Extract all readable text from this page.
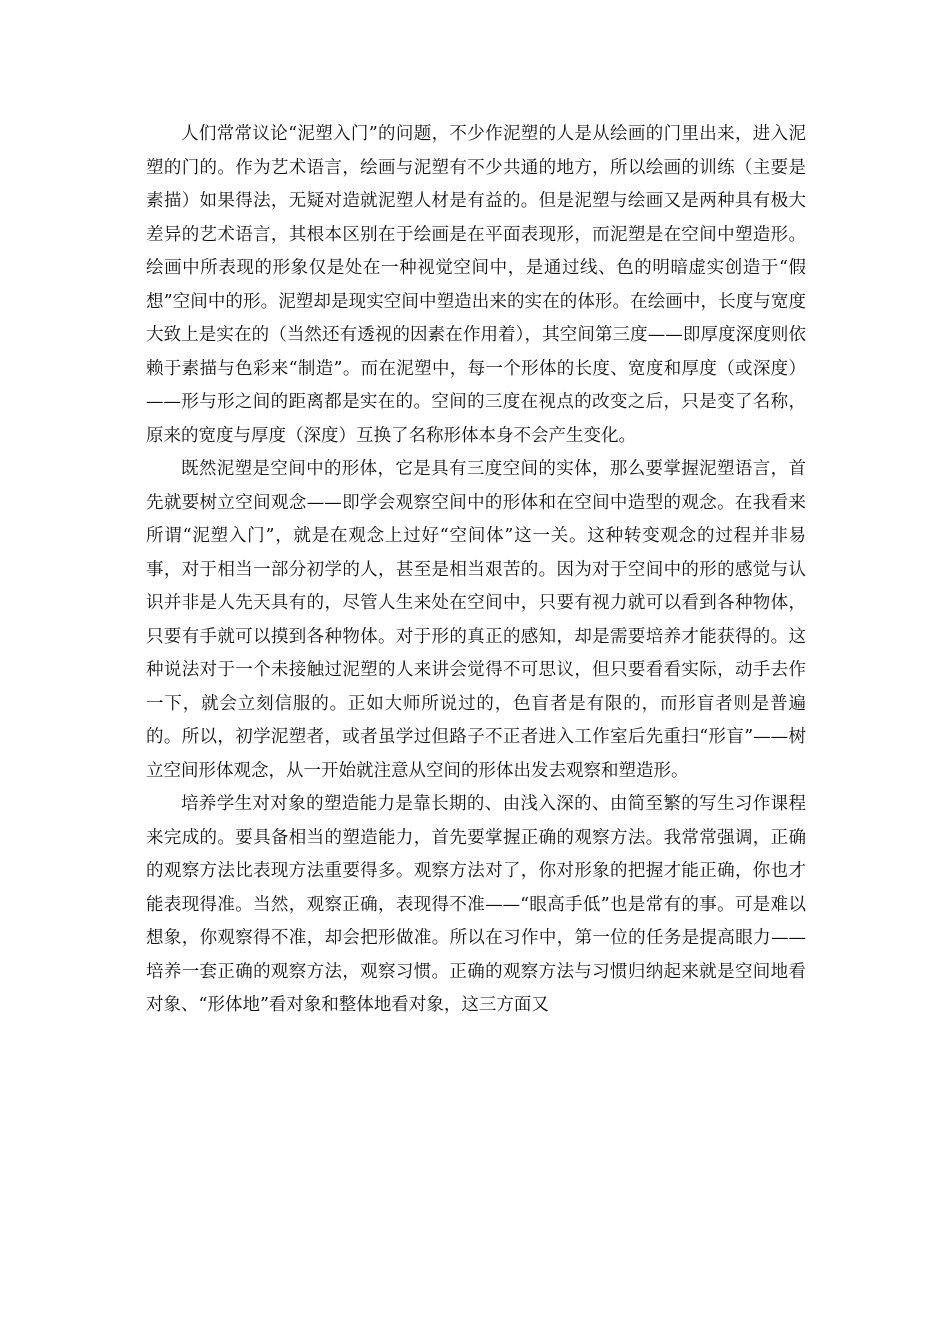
人们常常议论“泥塑入门”的问题，不少作泥塑的人是从绘画的门里出来，进入泥塑的门的。作为艺术语言，绘画与泥塑有不少共通的地方，所以绘画的训练（主要是素描）如果得法，无疑对造就泥塑人材是有益的。但是泥塑与绘画又是两种具有极大差异的艺术语言，其根本区别在于绘画是在平面表现形，而泥塑是在空间中塑造形。绘画中所表现的形象仅是处在一种视觉空间中，是通过线、色的明暗虚实创造于“假想”空间中的形。泥塑却是现实空间中塑造出来的实在的体形。在绘画中，长度与宽度大致上是实在的（当然还有透视的因素在作用着），其空间第三度——即厚度深度则依赖于素描与色彩来“制造”。而在泥塑中，每一个形体的长度、宽度和厚度（或深度）——形与形之间的距离都是实在的。空间的三度在视点的改变之后，只是变了名称，原来的宽度与厚度（深度）互换了名称形体本身不会产生变化。

既然泥塑是空间中的形体，它是具有三度空间的实体，那么要掌握泥塑语言，首先就要树立空间观念——即学会观察空间中的形体和在空间中造型的观念。在我看来所谓“泥塑入门”，就是在观念上过好“空间体”这一关。这种转变观念的过程并非易事，对于相当一部分初学的人，甚至是相当艰苦的。因为对于空间中的形的感觉与认识并非是人先天具有的，尽管人生来处在空间中，只要有视力就可以看到各种物体，只要有手就可以摸到各种物体。对于形的真正的感知，却是需要培养才能获得的。这种说法对于一个未接触过泥塑的人来讲会觉得不可思议，但只要看看实际，动手去作一下，就会立刻信服的。正如大师所说过的，色盲者是有限的，而形盲者则是普遍的。所以，初学泥塑者，或者虽学过但路子不正者进入工作室后先重扫“形盲”——树立空间形体观念，从一开始就注意从空间的形体出发去观察和塑造形。

培养学生对对象的塑造能力是靠长期的、由浅入深的、由简至繁的写生习作课程来完成的。要具备相当的塑造能力，首先要掌握正确的观察方法。我常常强调，正确的观察方法比表现方法重要得多。观察方法对了，你对形象的把握才能正确，你也才能表现得准。当然，观察正确，表现得不准——“眼高手低”也是常有的事。可是难以想象，你观察得不准，却会把形做准。所以在习作中，第一位的任务是提高眼力——培养一套正确的观察方法，观察习惯。正确的观察方法与习惯归纳起来就是空间地看对象、“形体地”看对象和整体地看对象，这三方面又
